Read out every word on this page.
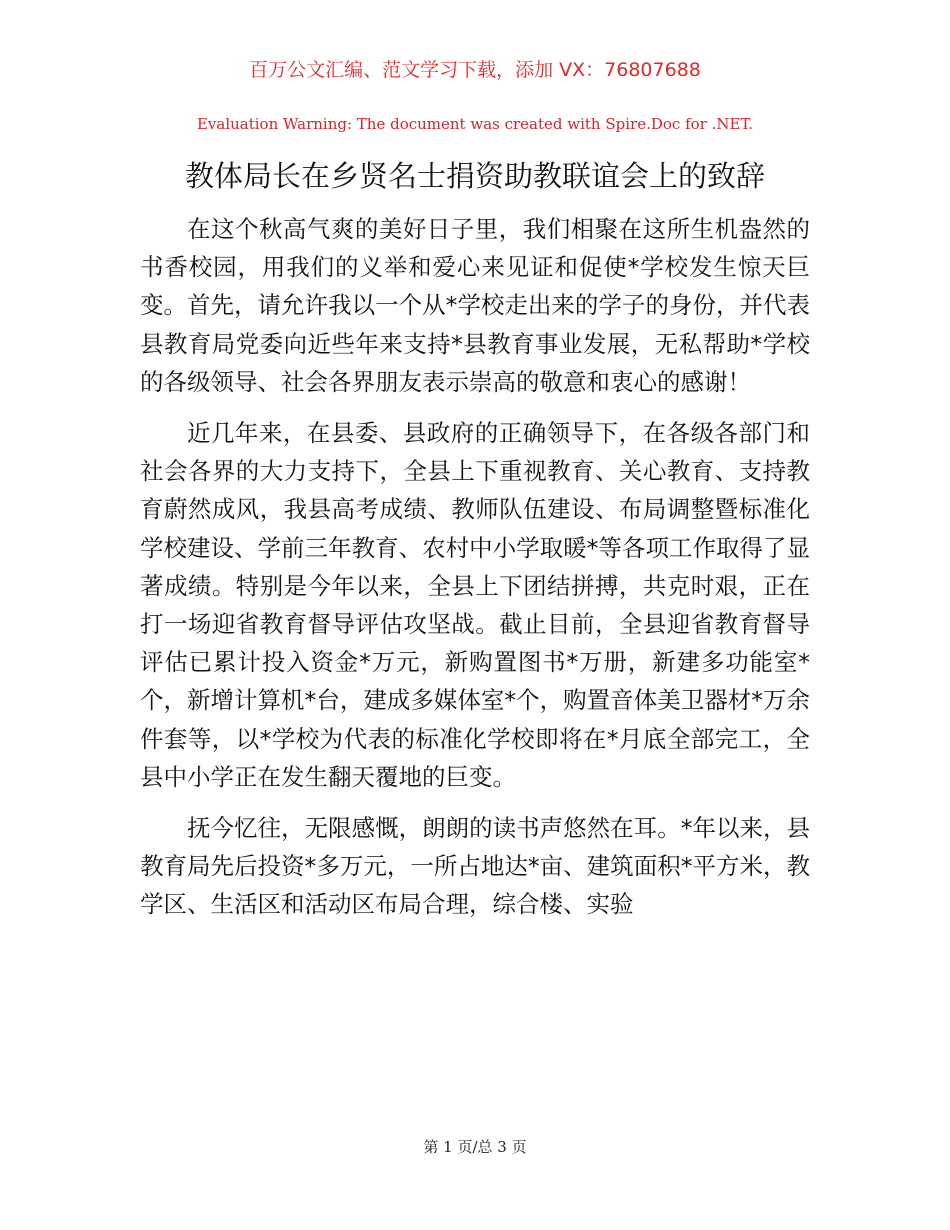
百万公文汇编、范文学习下载，添加 VX：76807688
Evaluation Warning: The document was created with Spire.Doc for .NET.
教体局长在乡贤名士捐资助教联谊会上的致辞

在这个秋高气爽的美好日子里，我们相聚在这所生机盎然的书香校园，用我们的义举和爱心来见证和促使*学校发生惊天巨变。首先，请允许我以一个从*学校走出来的学子的身份，并代表县教育局党委向近些年来支持*县教育事业发展，无私帮助*学校的各级领导、社会各界朋友表示崇高的敬意和衷心的感谢！

近几年来，在县委、县政府的正确领导下，在各级各部门和社会各界的大力支持下，全县上下重视教育、关心教育、支持教育蔚然成风，我县高考成绩、教师队伍建设、布局调整暨标准化学校建设、学前三年教育、农村中小学取暖*等各项工作取得了显著成绩。特别是今年以来，全县上下团结拼搏，共克时艰，正在打一场迎省教育督导评估攻坚战。截止目前，全县迎省教育督导评估已累计投入资金*万元，新购置图书*万册，新建多功能室*个，新增计算机*台，建成多媒体室*个，购置音体美卫器材*万余件套等，以*学校为代表的标准化学校即将在*月底全部完工，全县中小学正在发生翻天覆地的巨变。

抚今忆往，无限感慨，朗朗的读书声悠然在耳。*年以来，县教育局先后投资*多万元，一所占地达*亩、建筑面积*平方米，教学区、生活区和活动区布局合理，综合楼、实验

第 1 页/总 3 页
